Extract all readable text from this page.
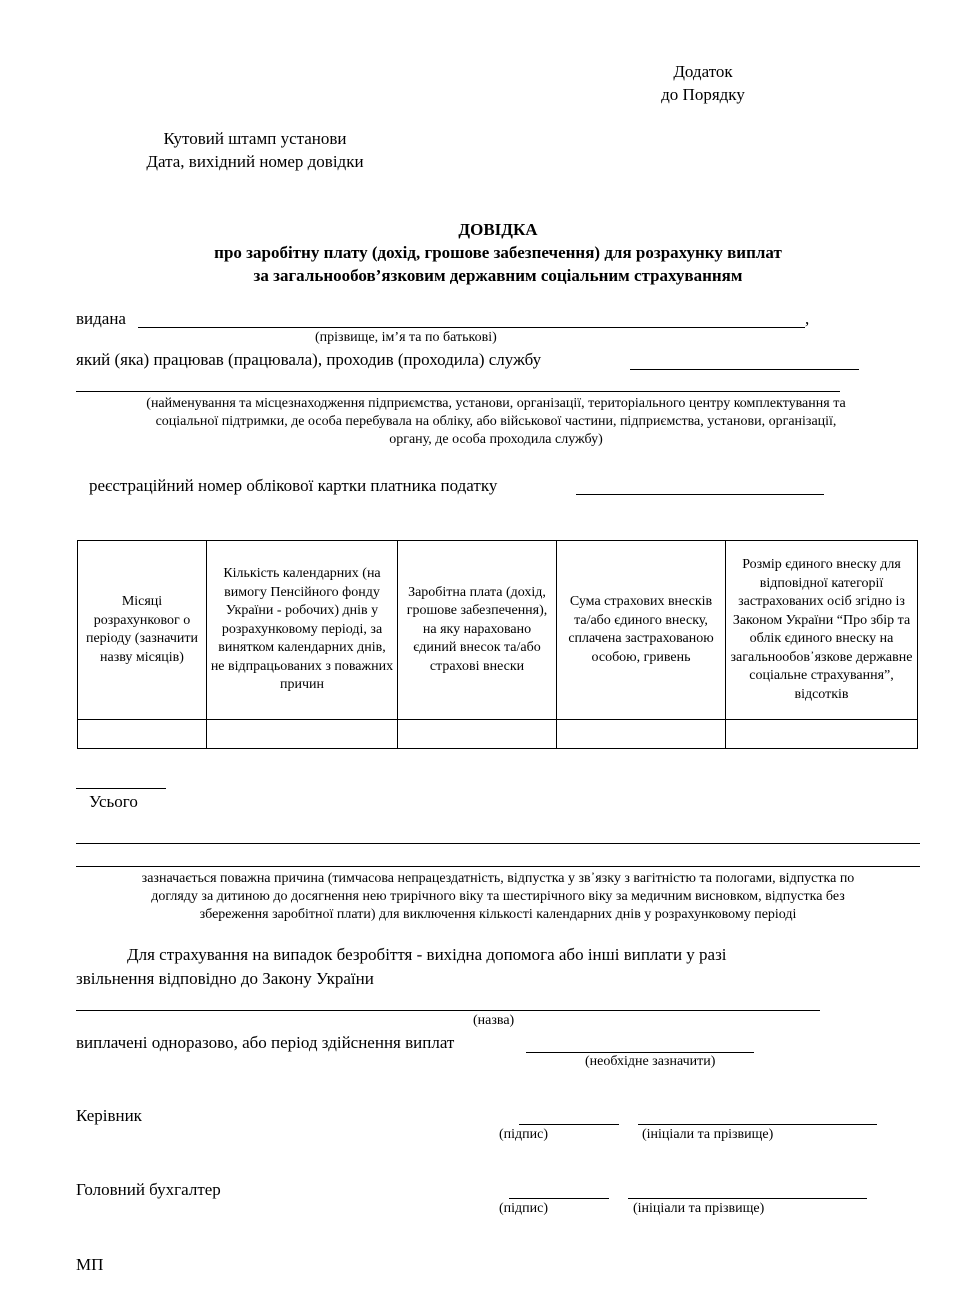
Додаток
до Порядку
Кутовий штамп установи
Дата, вихідний номер довідки
ДОВІДКА
про заробітну плату (дохід, грошове забезпечення) для розрахунку виплат
за загальнообов’язковим державним соціальним страхуванням
видана	,
(прізвище, ім’я та по батькові)
який (яка) працював (працювала), проходив (проходила) службу
(найменування та місцезнаходження підприємства, установи, організації, територіального центру комплектування та
соціальної підтримки, де особа перебувала на обліку, або військової частини, підприємства, установи, організації,
органу, де особа проходила службу)
реєстраційний номер облікової картки платника податку
Місяці розрахунковог о періоду (зазначити назву місяців)	Кількість календарних (на вимогу Пенсійного фонду України - робочих) днів у розрахунковому періоді, за винятком календарних днів, не відпрацьованих з поважних причин	Заробітна плата (дохід, грошове забезпечення), на яку нараховано єдиний внесок та/або страхові внески	Сума страхових внесків та/або єдиного внеску, сплачена застрахованою особою, гривень	Розмір єдиного внеску для відповідної категорії застрахованих осіб згідно із Законом України “Про збір та облік єдиного внеску на загальнообов᾿язкове державне соціальне страхування”, відсотків

Усього
зазначається поважна причина (тимчасова непрацездатність, відпустка у зв᾿язку з вагітністю та пологами, відпустка по
догляду за дитиною до досягнення нею трирічного віку та шестирічного віку за медичним висновком, відпустка без
збереження заробітної плати) для виключення кількості календарних днів у розрахунковому періоді
Для страхування на випадок безробіття - вихідна допомога або інші виплати у разі
звільнення відповідно до Закону України
(назва)
виплачені одноразово, або період здійснення виплат
(необхідне зазначити)
Керівник
(підпис)	(ініціали та прізвище)
Головний бухгалтер
(підпис)	(ініціали та прізвище)
МП
